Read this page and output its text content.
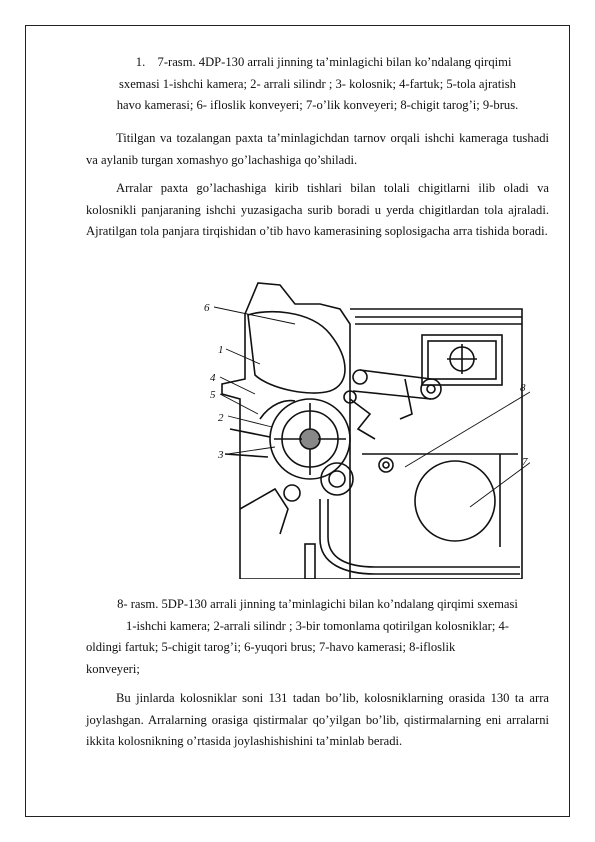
1. 7-rasm. 4DP-130 arrali jinning ta’minlagichi bilan ko’ndalang qirqimi
sxemasi 1-ishchi kamera; 2- arrali silindr ; 3- kolosnik; 4-fartuk; 5-tola ajratish
havo kamerasi; 6- ifloslik konveyeri; 7-o’lik konveyeri; 8-chigit tarog’i; 9-brus.
Titilgan va tozalangan paxta ta’minlagichdan tarnov orqali ishchi kameraga tushadi va aylanib turgan xomashyo go’lachashiga qo’shiladi.
Arralar paxta go’lachashiga kirib tishlari bilan tolali chigitlarni ilib oladi va kolosnikli panjaraning ishchi yuzasigacha surib boradi u yerda chigitlardan tola ajraladi. Ajratilgan tola panjara tirqishidan o’tib havo kamerasining soplosigacha arra tishida boradi.
6
1
4
5
2
3
8
7
8- rasm. 5DP-130 arrali jinning ta’minlagichi bilan ko’ndalang qirqimi sxemasi
1-ishchi kamera; 2-arrali silindr ; 3-bir tomonlama qotirilgan kolosniklar; 4-
oldingi fartuk; 5-chigit tarog’i; 6-yuqori brus; 7-havo kamerasi; 8-ifloslik
konveyeri;
Bu jinlarda kolosniklar soni 131 tadan bo’lib, kolosniklarning orasida 130 ta arra joylashgan. Arralarning orasiga qistirmalar qo’yilgan bo’lib, qistirmalarning eni arralarni ikkita kolosnikning o’rtasida joylashishishini ta’minlab beradi.
